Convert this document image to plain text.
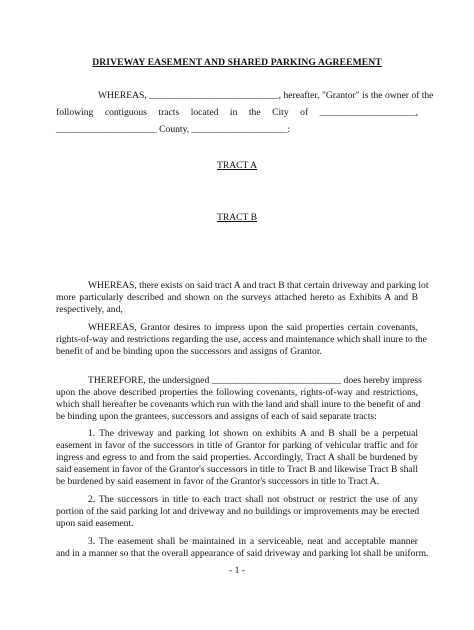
DRIVEWAY EASEMENT AND SHARED PARKING AGREEMENT
WHEREAS, ___________________________, hereafter, "Grantor" is the owner of the
following contiguous tracts located in the City of ____________________,
_____________________ County, ____________________:
TRACT A
TRACT B
WHEREAS, there exists on said tract A and tract B that certain driveway and parking lot
more particularly described and shown on the surveys attached hereto as Exhibits A and B
respectively, and,
WHEREAS, Grantor desires to impress upon the said properties certain covenants,
rights-of-way and restrictions regarding the use, access and maintenance which shall inure to the
benefit of and be binding upon the successors and assigns of Grantor.
THEREFORE, the undersigned ___________________________ does hereby impress
upon the above described properties the following covenants, rights-of-way and restrictions,
which shall hereafter be covenants which run with the land and shall inure to the benefit of and
be binding upon the grantees, successors and assigns of each of said separate tracts:
1. The driveway and parking lot shown on exhibits A and B shall be a perpetual
easement in favor of the successors in title of Grantor for parking of vehicular traffic and for
ingress and egress to and from the said properties. Accordingly, Tract A shall be burdened by
said easement in favor of the Grantor's successors in title to Tract B and likewise Tract B shall
be burdened by said easement in favor of the Grantor's successors in title to Tract A.
2. The successors in title to each tract shall not obstruct or restrict the use of any
portion of the said parking lot and driveway and no buildings or improvements may be erected
upon said easement.
3. The easement shall be maintained in a serviceable, neat and acceptable manner
and in a manner so that the overall appearance of said driveway and parking lot shall be uniform.
- 1 -
